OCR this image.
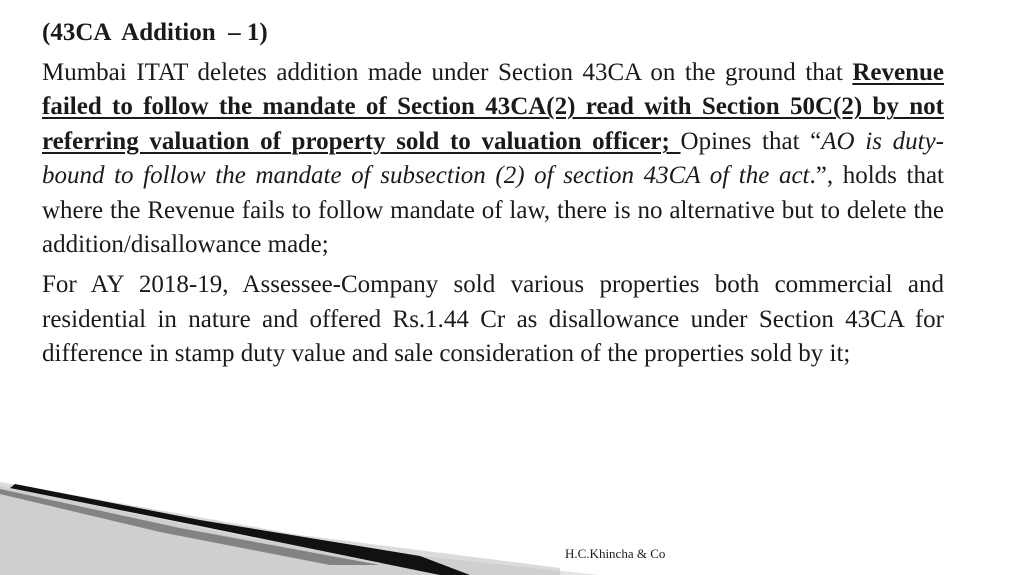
(43CA  Addition  – 1)

Mumbai ITAT deletes addition made under Section 43CA on the ground that Revenue failed to follow the mandate of Section 43CA(2) read with Section 50C(2) by not referring valuation of property sold to valuation officer; Opines that “AO is duty-bound to follow the mandate of subsection (2) of section 43CA of the act.”, holds that where the Revenue fails to follow mandate of law, there is no alternative but to delete the addition/disallowance made;

For AY 2018-19, Assessee-Company sold various properties both commercial and residential in nature and offered Rs.1.44 Cr as disallowance under Section 43CA for difference in stamp duty value and sale consideration of the properties sold by it;

H.C.Khincha & Co
